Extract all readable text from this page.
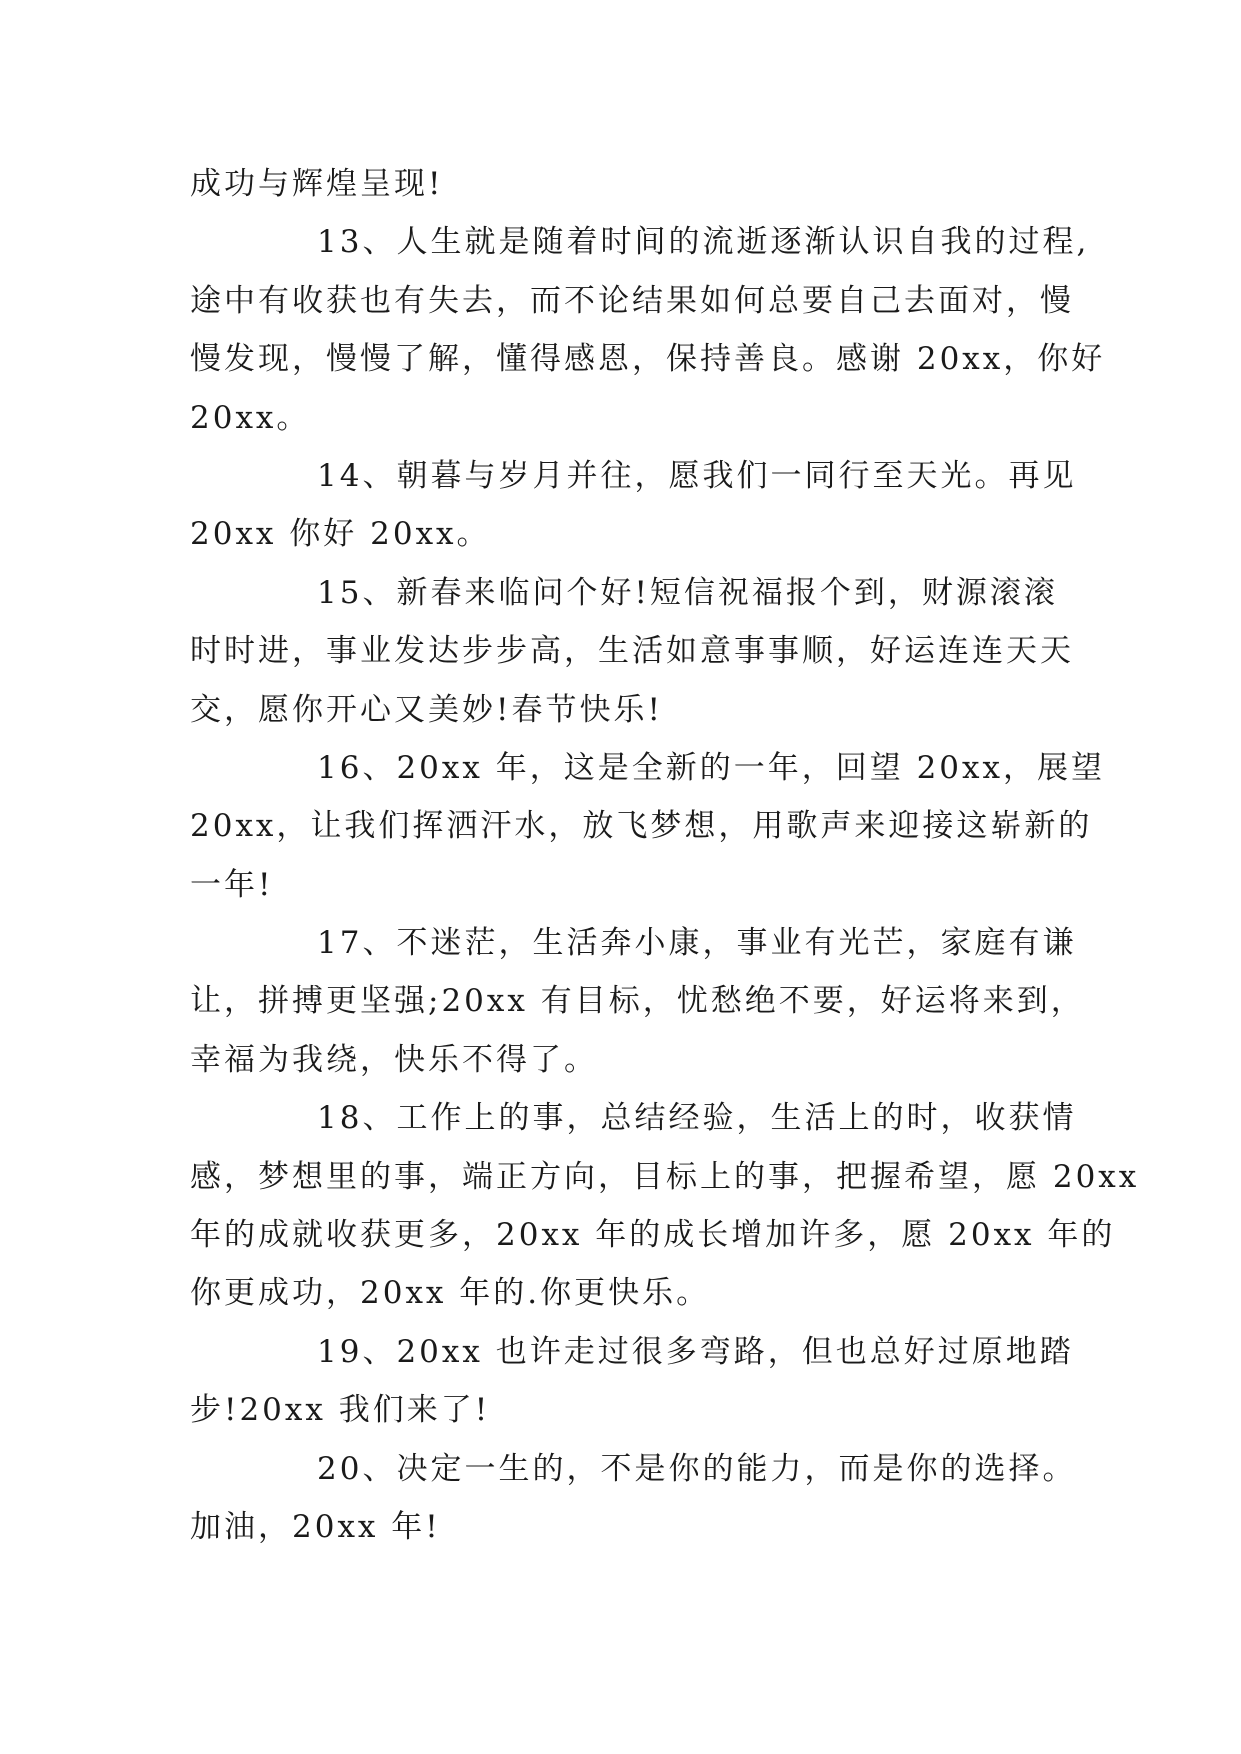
成功与辉煌呈现!
13、人生就是随着时间的流逝逐渐认识自我的过程,
途中有收获也有失去，而不论结果如何总要自己去面对，慢
慢发现，慢慢了解，懂得感恩，保持善良。感谢 20xx，你好
20xx。
14、朝暮与岁月并往，愿我们一同行至天光。再见
20xx 你好 20xx。
15、新春来临问个好!短信祝福报个到，财源滚滚
时时进，事业发达步步高，生活如意事事顺，好运连连天天
交，愿你开心又美妙!春节快乐!
16、20xx 年，这是全新的一年，回望 20xx，展望
20xx，让我们挥洒汗水，放飞梦想，用歌声来迎接这崭新的
一年!
17、不迷茫，生活奔小康，事业有光芒，家庭有谦
让，拼搏更坚强;20xx 有目标，忧愁绝不要，好运将来到，
幸福为我绕，快乐不得了。
18、工作上的事，总结经验，生活上的时，收获情
感，梦想里的事，端正方向，目标上的事，把握希望，愿 20xx
年的成就收获更多，20xx 年的成长增加许多，愿 20xx 年的
你更成功，20xx 年的.你更快乐。
19、20xx 也许走过很多弯路，但也总好过原地踏
步!20xx 我们来了!
20、决定一生的，不是你的能力，而是你的选择。
加油，20xx 年!
